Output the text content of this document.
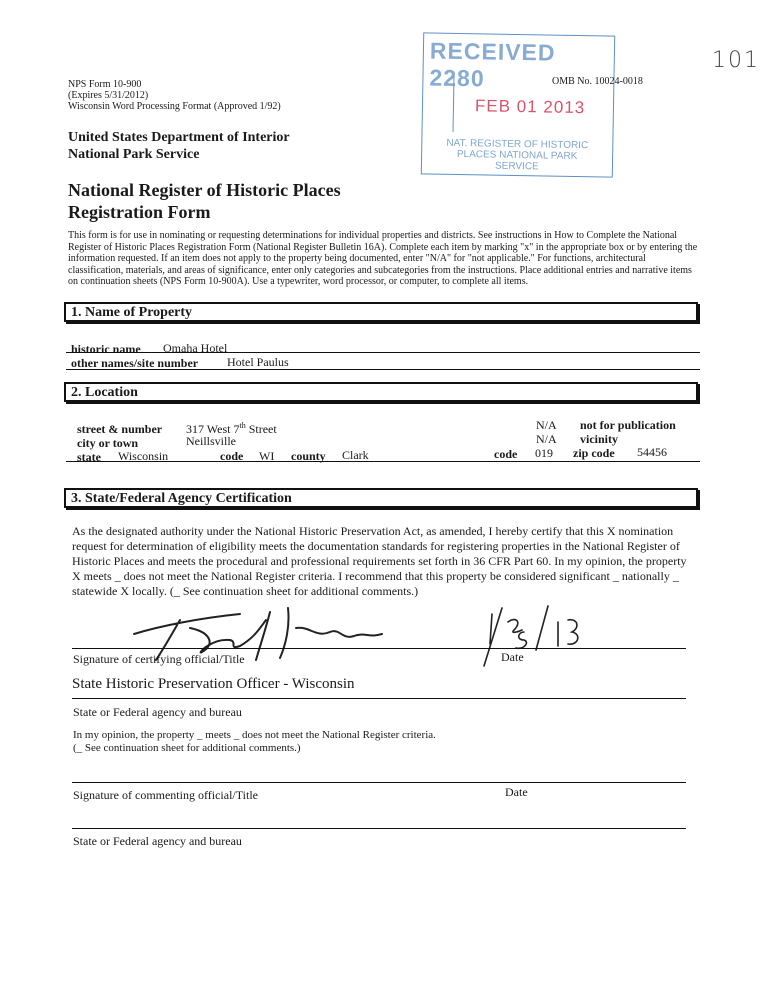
101
RECEIVED 2280
FEB 01 2013
NAT. REGISTER OF HISTORIC PLACES NATIONAL PARK SERVICE
OMB No. 10024-0018
NPS Form 10-900
(Expires 5/31/2012)
Wisconsin Word Processing Format (Approved 1/92)
United States Department of Interior
National Park Service
National Register of Historic Places
Registration Form
This form is for use in nominating or requesting determinations for individual properties and districts. See instructions in How to Complete the National Register of Historic Places Registration Form (National Register Bulletin 16A). Complete each item by marking "x" in the appropriate box or by entering the information requested. If an item does not apply to the property being documented, enter "N/A" for "not applicable." For functions, architectural classification, materials, and areas of significance, enter only categories and subcategories from the instructions. Place additional entries and narrative items on continuation sheets (NPS Form 10-900A). Use a typewriter, word processor, or computer, to complete all items.
1. Name of Property
historic name Omaha Hotel
other names/site number Hotel Paulus
2. Location
street & number 317 West 7th Street	N/A not for publication
city or town	Neillsville	N/A vicinity
state Wisconsin	code WI county Clark	code 019 zip code 54456
3. State/Federal Agency Certification
As the designated authority under the National Historic Preservation Act, as amended, I hereby certify that this X nomination request for determination of eligibility meets the documentation standards for registering properties in the National Register of Historic Places and meets the procedural and professional requirements set forth in 36 CFR Part 60. In my opinion, the property X meets _ does not meet the National Register criteria. I recommend that this property be considered significant _ nationally _ statewide X locally. (_ See continuation sheet for additional comments.)
Signature of certifying official/Title	Date
State Historic Preservation Officer - Wisconsin
State or Federal agency and bureau
In my opinion, the property _ meets _ does not meet the National Register criteria.
(_ See continuation sheet for additional comments.)
Signature of commenting official/Title	Date
State or Federal agency and bureau
